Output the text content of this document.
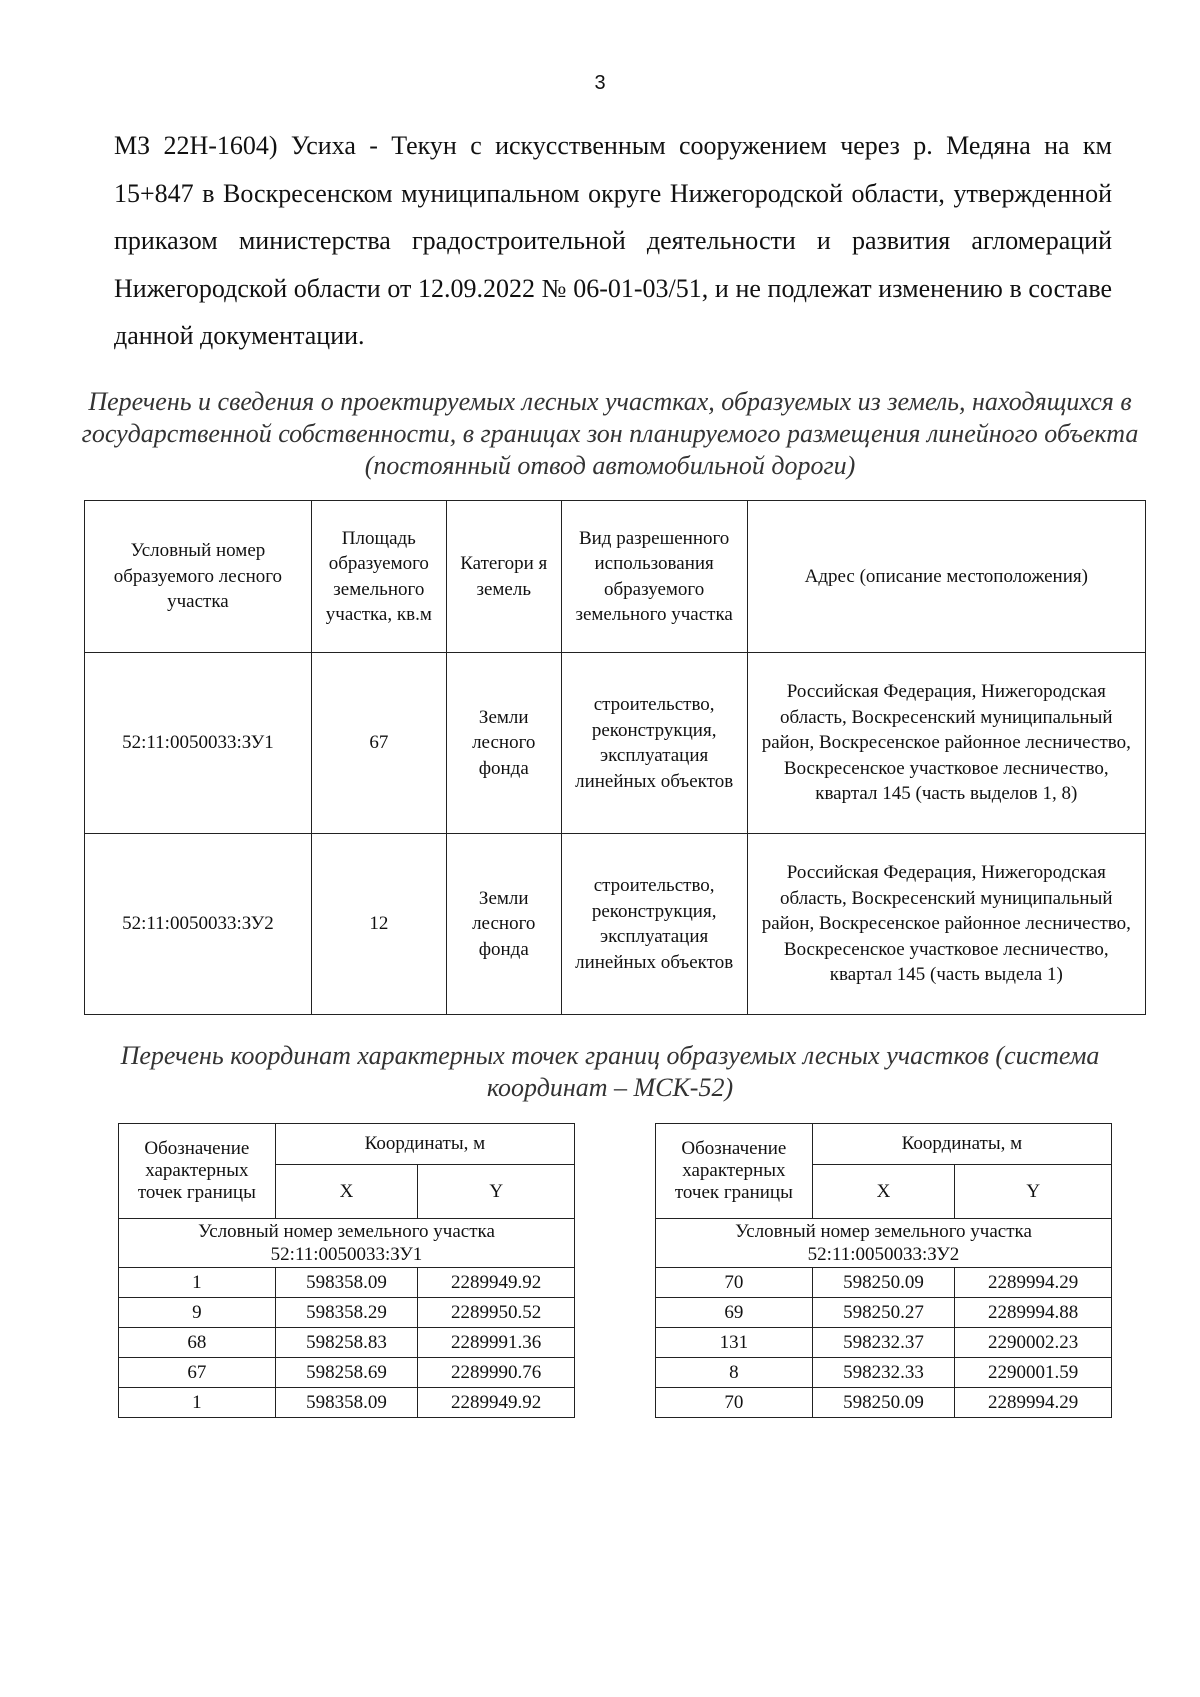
3
МЗ 22Н-1604) Усиха - Текун с искусственным сооружением через р. Медяна на км 15+847 в Воскресенском муниципальном округе Нижегородской области, утвержденной приказом министерства градостроительной деятельности и развития агломераций Нижегородской области от 12.09.2022 № 06-01-03/51, и не подлежат изменению в составе данной документации.
Перечень и сведения о проектируемых лесных участках, образуемых из земель, находящихся в государственной собственности, в границах зон планируемого размещения линейного объекта (постоянный отвод автомобильной дороги)
Условный номер образуемого лесного участка	Площадь образуемого земельного участка, кв.м	Категори я земель	Вид разрешенного использования образуемого земельного участка	Адрес (описание местоположения)
52:11:0050033:ЗУ1	67	Земли лесного фонда	строительство, реконструкция, эксплуатация линейных объектов	Российская Федерация, Нижегородская область, Воскресенский муниципальный район, Воскресенское районное лесничество, Воскресенское участковое лесничество, квартал 145 (часть выделов 1, 8)
52:11:0050033:ЗУ2	12	Земли лесного фонда	строительство, реконструкция, эксплуатация линейных объектов	Российская Федерация, Нижегородская область, Воскресенский муниципальный район, Воскресенское районное лесничество, Воскресенское участковое лесничество, квартал 145 (часть выдела 1)
Перечень координат характерных точек границ образуемых лесных участков (система координат – МСК-52)
Обозначение характерных точек границы	Координаты, м	
	X	Y
Условный номер земельного участка 52:11:0050033:ЗУ1		
1	598358.09	2289949.92
9	598358.29	2289950.52
68	598258.83	2289991.36
67	598258.69	2289990.76
1	598358.09	2289949.92
Обозначение характерных точек границы	Координаты, м	
	X	Y
Условный номер земельного участка 52:11:0050033:ЗУ2		
70	598250.09	2289994.29
69	598250.27	2289994.88
131	598232.37	2290002.23
8	598232.33	2290001.59
70	598250.09	2289994.29
